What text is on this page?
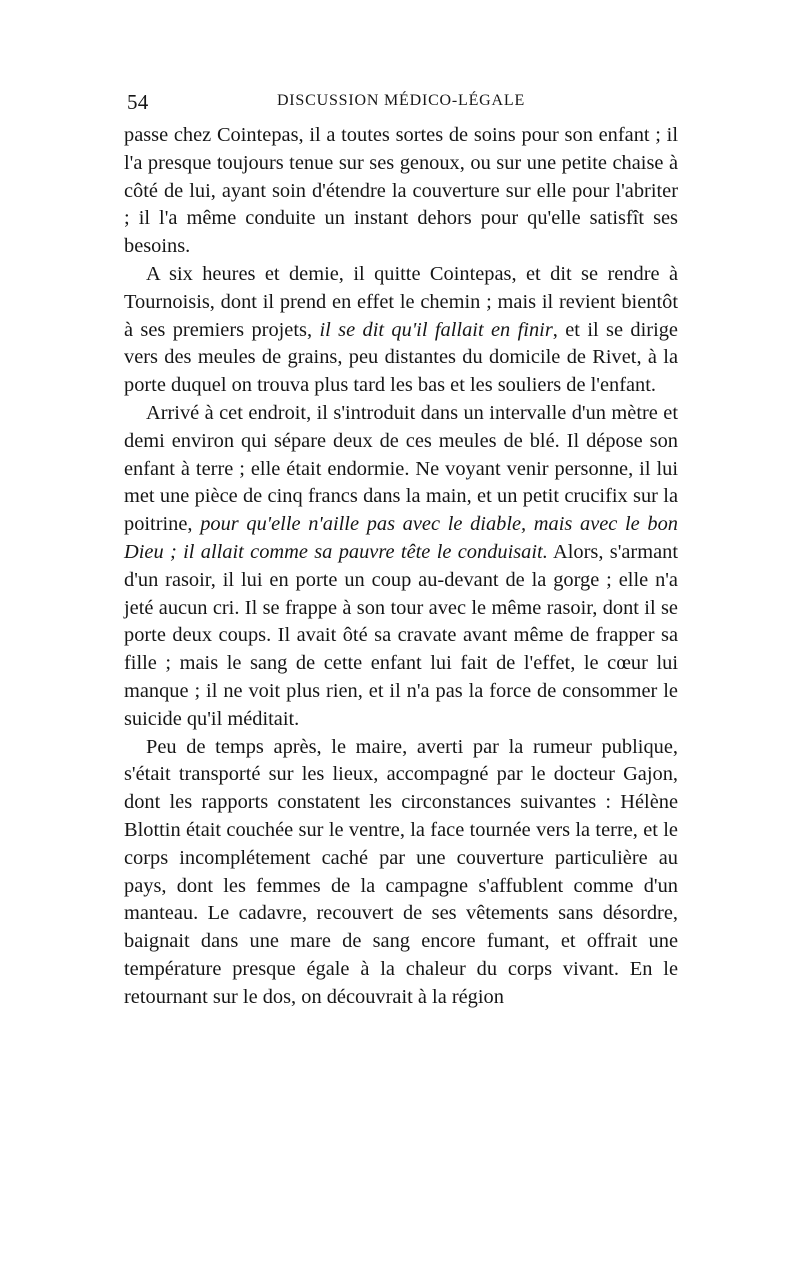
54	DISCUSSION MÉDICO-LÉGALE

passe chez Cointepas, il a toutes sortes de soins pour son enfant ; il l'a presque toujours tenue sur ses genoux, ou sur une petite chaise à côté de lui, ayant soin d'étendre la couverture sur elle pour l'abriter ; il l'a même conduite un instant dehors pour qu'elle satisfît ses besoins.

A six heures et demie, il quitte Cointepas, et dit se rendre à Tournoisis, dont il prend en effet le chemin ; mais il revient bientôt à ses premiers projets, il se dit qu'il fallait en finir, et il se dirige vers des meules de grains, peu distantes du domicile de Rivet, à la porte duquel on trouva plus tard les bas et les souliers de l'enfant.

Arrivé à cet endroit, il s'introduit dans un intervalle d'un mètre et demi environ qui sépare deux de ces meules de blé. Il dépose son enfant à terre ; elle était endormie. Ne voyant venir personne, il lui met une pièce de cinq francs dans la main, et un petit crucifix sur la poitrine, pour qu'elle n'aille pas avec le diable, mais avec le bon Dieu ; il allait comme sa pauvre tête le conduisait. Alors, s'armant d'un rasoir, il lui en porte un coup au-devant de la gorge ; elle n'a jeté aucun cri. Il se frappe à son tour avec le même rasoir, dont il se porte deux coups. Il avait ôté sa cravate avant même de frapper sa fille ; mais le sang de cette enfant lui fait de l'effet, le cœur lui manque ; il ne voit plus rien, et il n'a pas la force de consommer le suicide qu'il méditait.

Peu de temps après, le maire, averti par la rumeur publique, s'était transporté sur les lieux, accompagné par le docteur Gajon, dont les rapports constatent les circonstances suivantes : Hélène Blottin était couchée sur le ventre, la face tournée vers la terre, et le corps incomplétement caché par une couverture particulière au pays, dont les femmes de la campagne s'affublent comme d'un manteau. Le cadavre, recouvert de ses vêtements sans désordre, baignait dans une mare de sang encore fumant, et offrait une température presque égale à la chaleur du corps vivant. En le retournant sur le dos, on découvrait à la région
